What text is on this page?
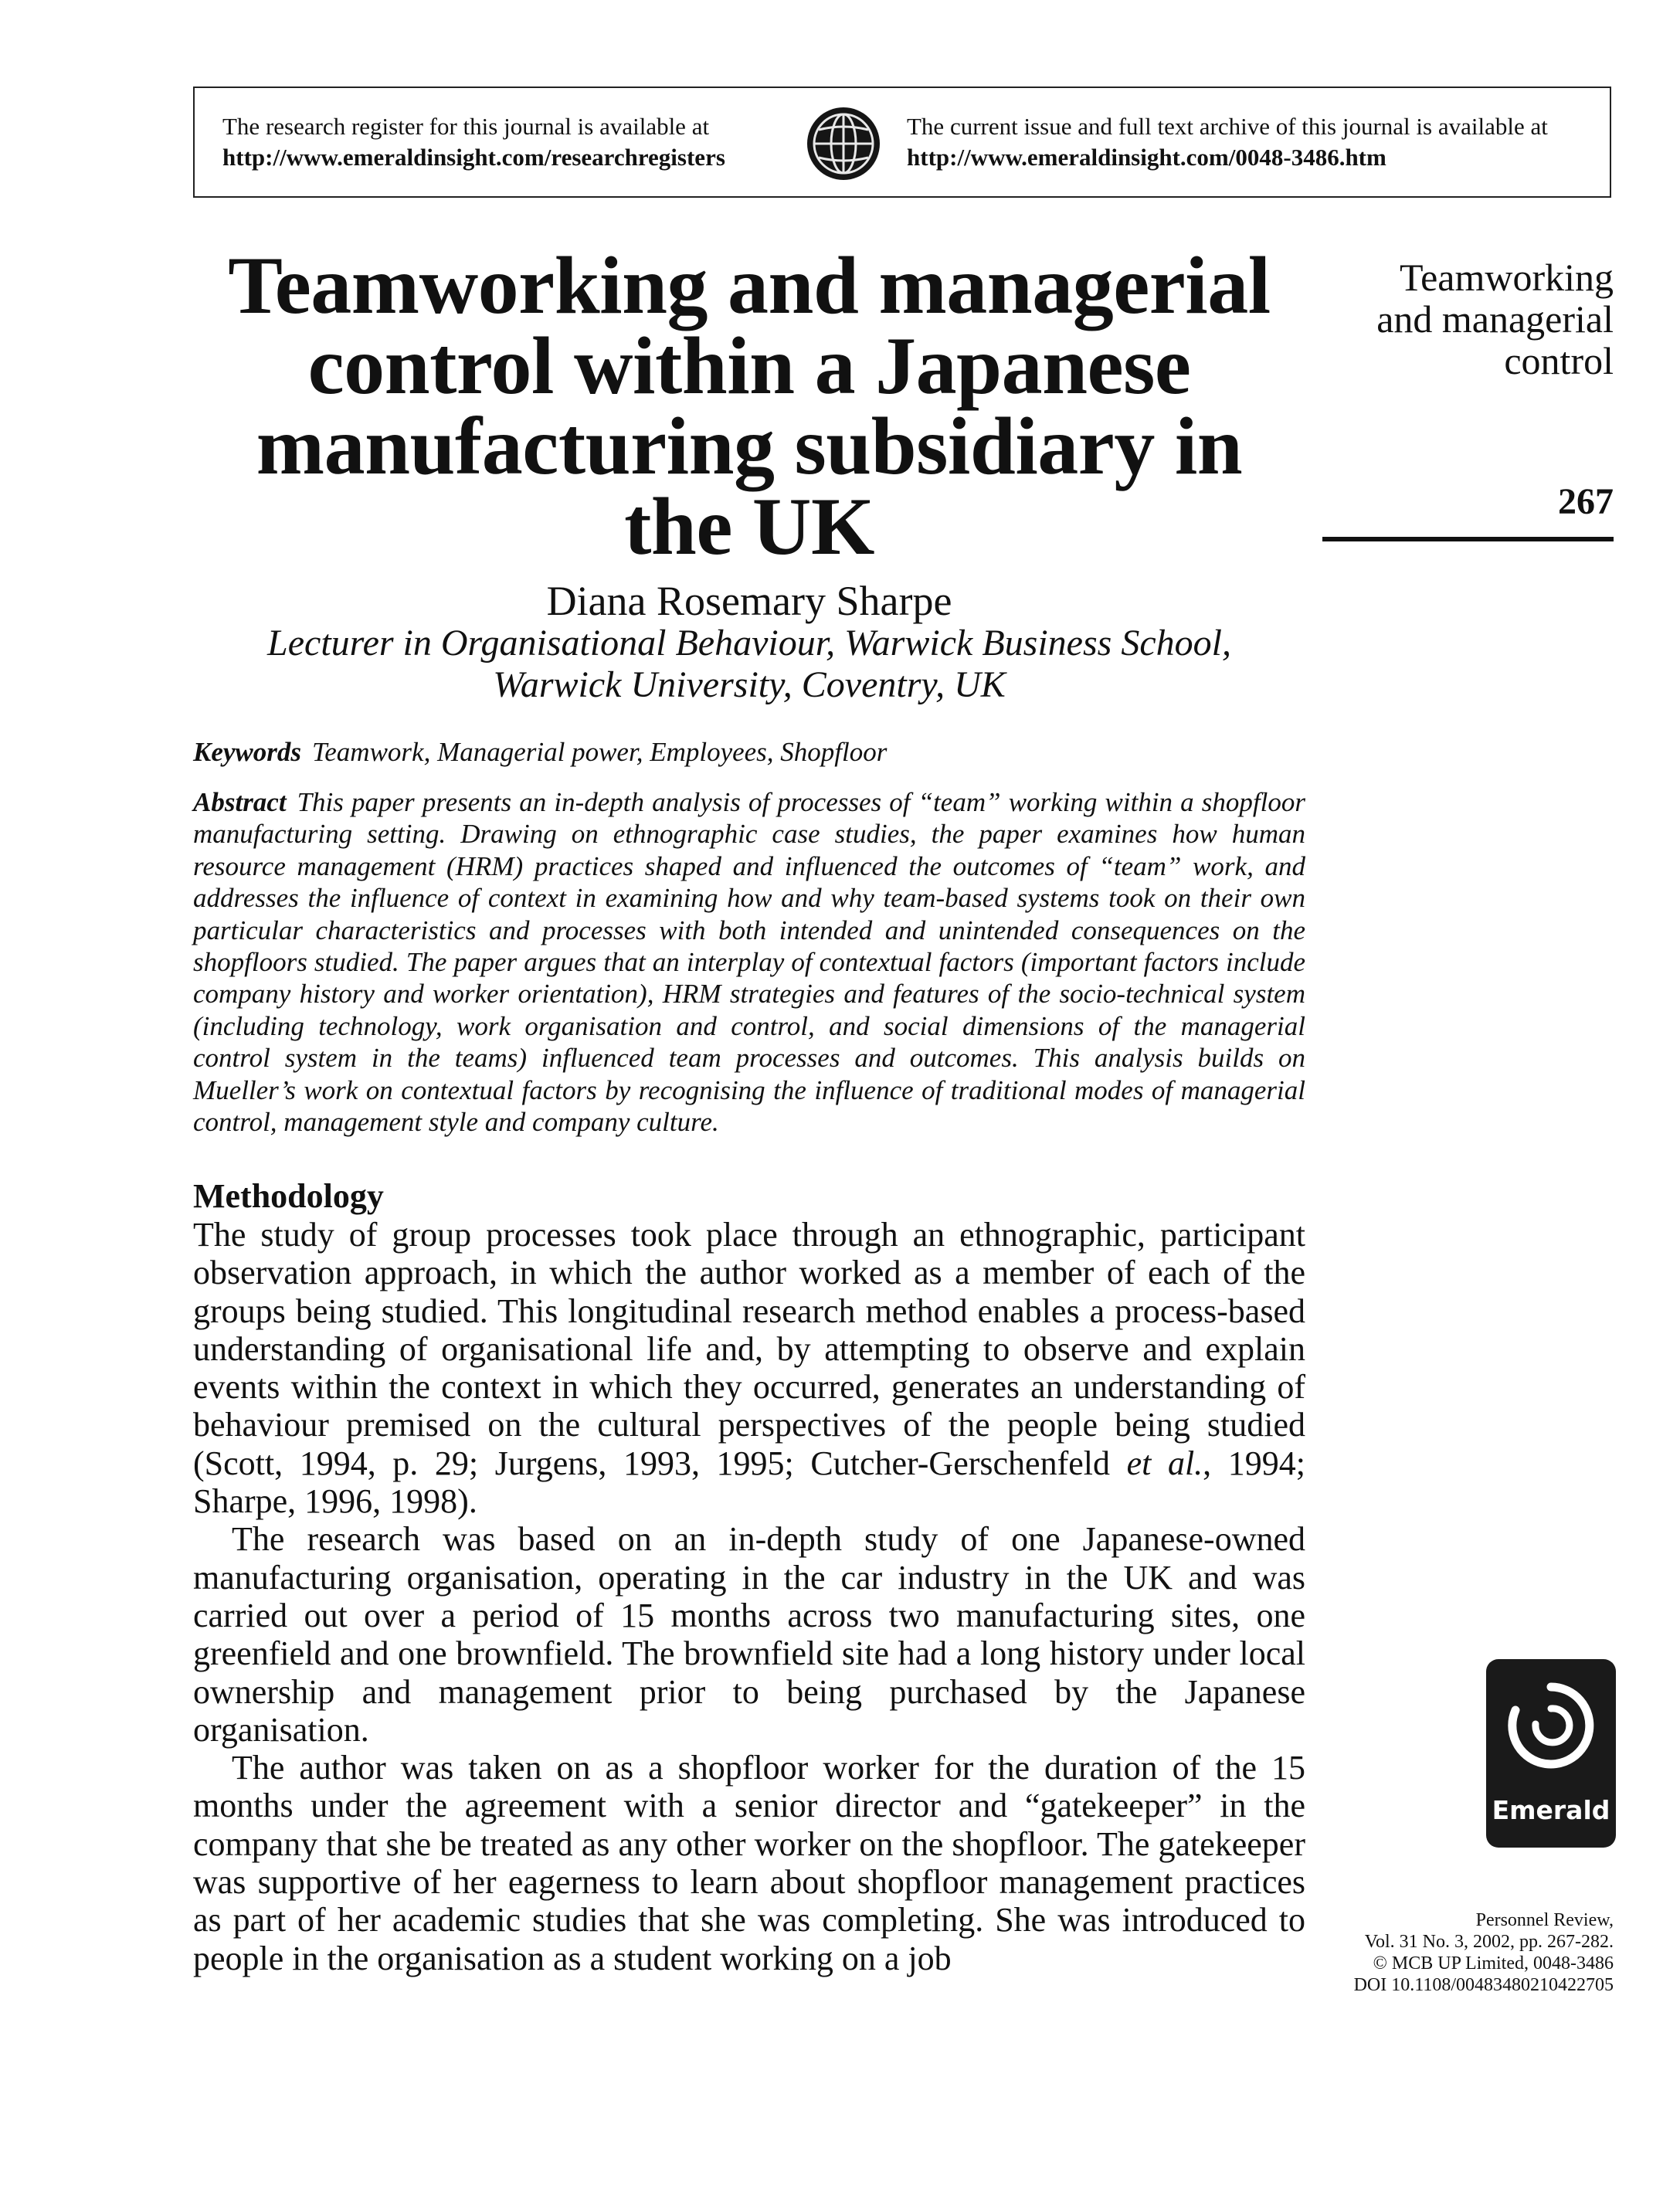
The research register for this journal is available at
http://www.emeraldinsight.com/researchregisters
The current issue and full text archive of this journal is available at
http://www.emeraldinsight.com/0048-3486.htm
Teamworking and managerial control within a Japanese manufacturing subsidiary in the UK
Diana Rosemary Sharpe
Lecturer in Organisational Behaviour, Warwick Business School,
Warwick University, Coventry, UK
Teamworking
and managerial
control
267
Keywords Teamwork, Managerial power, Employees, Shopfloor
Abstract This paper presents an in-depth analysis of processes of “team” working within a shopfloor manufacturing setting. Drawing on ethnographic case studies, the paper examines how human resource management (HRM) practices shaped and influenced the outcomes of “team” work, and addresses the influence of context in examining how and why team-based systems took on their own particular characteristics and processes with both intended and unintended consequences on the shopfloors studied. The paper argues that an interplay of contextual factors (important factors include company history and worker orientation), HRM strategies and features of the socio-technical system (including technology, work organisation and control, and social dimensions of the managerial control system in the teams) influenced team processes and outcomes. This analysis builds on Mueller’s work on contextual factors by recognising the influence of traditional modes of managerial control, management style and company culture.
Methodology

The study of group processes took place through an ethnographic, participant observation approach, in which the author worked as a member of each of the groups being studied. This longitudinal research method enables a process-based understanding of organisational life and, by attempting to observe and explain events within the context in which they occurred, generates an understanding of behaviour premised on the cultural perspectives of the people being studied (Scott, 1994, p. 29; Jurgens, 1993, 1995; Cutcher-Gerschenfeld et al., 1994; Sharpe, 1996, 1998).

The research was based on an in-depth study of one Japanese-owned manufacturing organisation, operating in the car industry in the UK and was carried out over a period of 15 months across two manufacturing sites, one greenfield and one brownfield. The brownfield site had a long history under local ownership and management prior to being purchased by the Japanese organisation.

The author was taken on as a shopfloor worker for the duration of the 15 months under the agreement with a senior director and “gatekeeper” in the company that she be treated as any other worker on the shopfloor. The gatekeeper was supportive of her eagerness to learn about shopfloor management practices as part of her academic studies that she was completing. She was introduced to people in the organisation as a student working on a job

Emerald
Personnel Review,
Vol. 31 No. 3, 2002, pp. 267-282.
© MCB UP Limited, 0048-3486
DOI 10.1108/00483480210422705
